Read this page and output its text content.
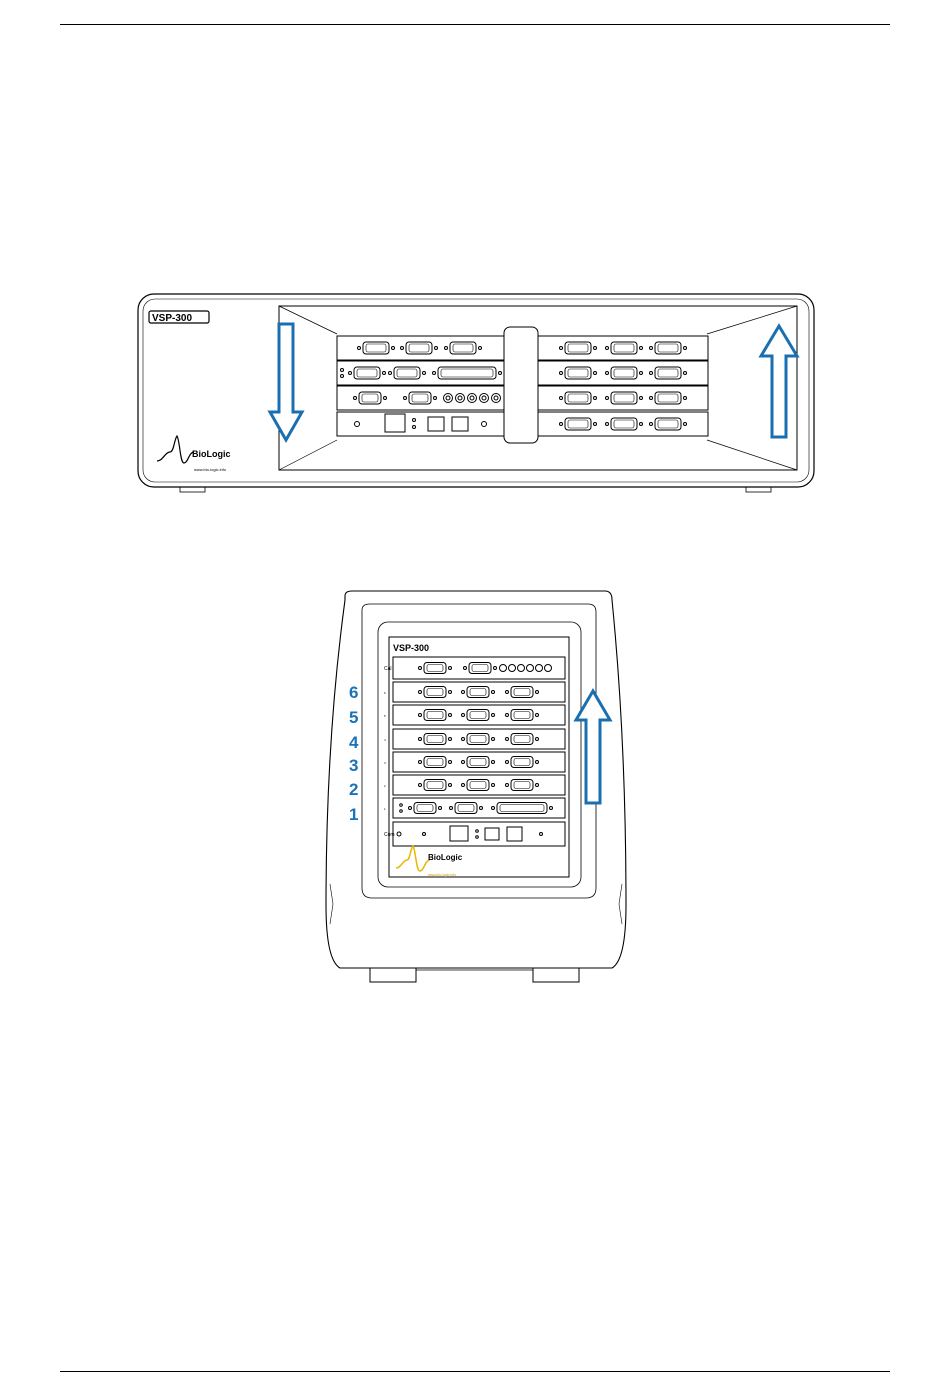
VSP-300
BioLogic
www.bio-logic.info
VSP-300
Cal
6
5
4
3
2
1
Com
BioLogic
www.bio-logic.info
6
5
4
3
2
1
